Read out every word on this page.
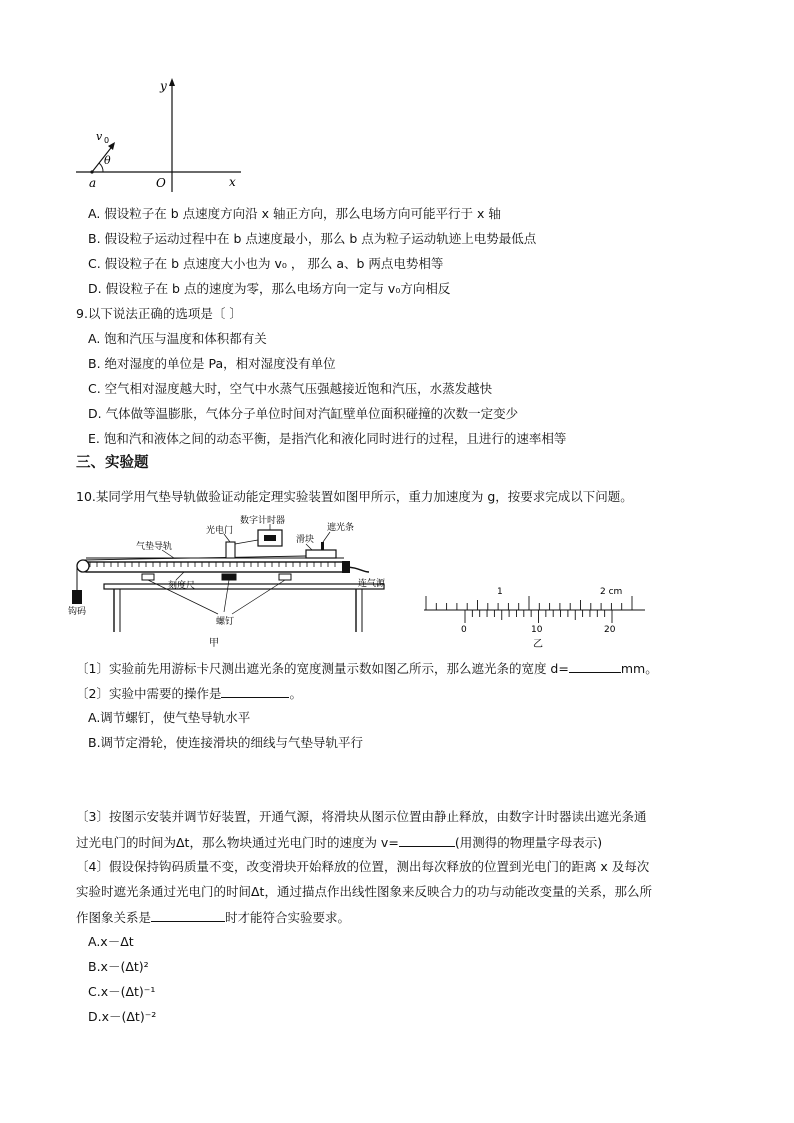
y
x
O
a
θ
v 0
A. 假设粒子在 b 点速度方向沿 x 轴正方向，那么电场方向可能平行于 x 轴
B. 假设粒子运动过程中在 b 点速度最小，那么 b 点为粒子运动轨迹上电势最低点
C. 假设粒子在 b 点速度大小也为 v₀ ， 那么 a、b 两点电势相等
D. 假设粒子在 b 点的速度为零，那么电场方向一定与 v₀方向相反
9.以下说法正确的选项是〔 〕
A. 饱和汽压与温度和体积都有关
B. 绝对湿度的单位是 Pa，相对湿度没有单位
C. 空气相对湿度越大时，空气中水蒸气压强越接近饱和汽压，水蒸发越快
D. 气体做等温膨胀，气体分子单位时间对汽缸壁单位面积碰撞的次数一定变少
E. 饱和汽和液体之间的动态平衡，是指汽化和液化同时进行的过程，且进行的速率相等
三、实验题
10.某同学用气垫导轨做验证动能定理实验装置如图甲所示，重力加速度为 g，按要求完成以下问题。
数字计时器
光电门
气垫导轨
滑块
遮光条
刻度尺	连气源
钩码
螺钉
甲
1	2 cm
0	10	20
乙
〔1〕实验前先用游标卡尺测出遮光条的宽度测量示数如图乙所示，那么遮光条的宽度 d=	mm。
〔2〕实验中需要的操作是	。
A.调节螺钉，使气垫导轨水平
B.调节定滑轮，使连接滑块的细线与气垫导轨平行
〔3〕按图示安装并调节好装置，开通气源，将滑块从图示位置由静止释放，由数字计时器读出遮光条通
过光电门的时间为Δt，那么物块通过光电门时的速度为 v=	(用测得的物理量字母表示)
〔4〕假设保持钩码质量不变，改变滑块开始释放的位置，测出每次释放的位置到光电门的距离 x 及每次
实验时遮光条通过光电门的时间Δt，通过描点作出线性图象来反映合力的功与动能改变量的关系，那么所
作图象关系是	时才能符合实验要求。
A.x－Δt
B.x－(Δt)²
C.x－(Δt)⁻¹
D.x－(Δt)⁻²
